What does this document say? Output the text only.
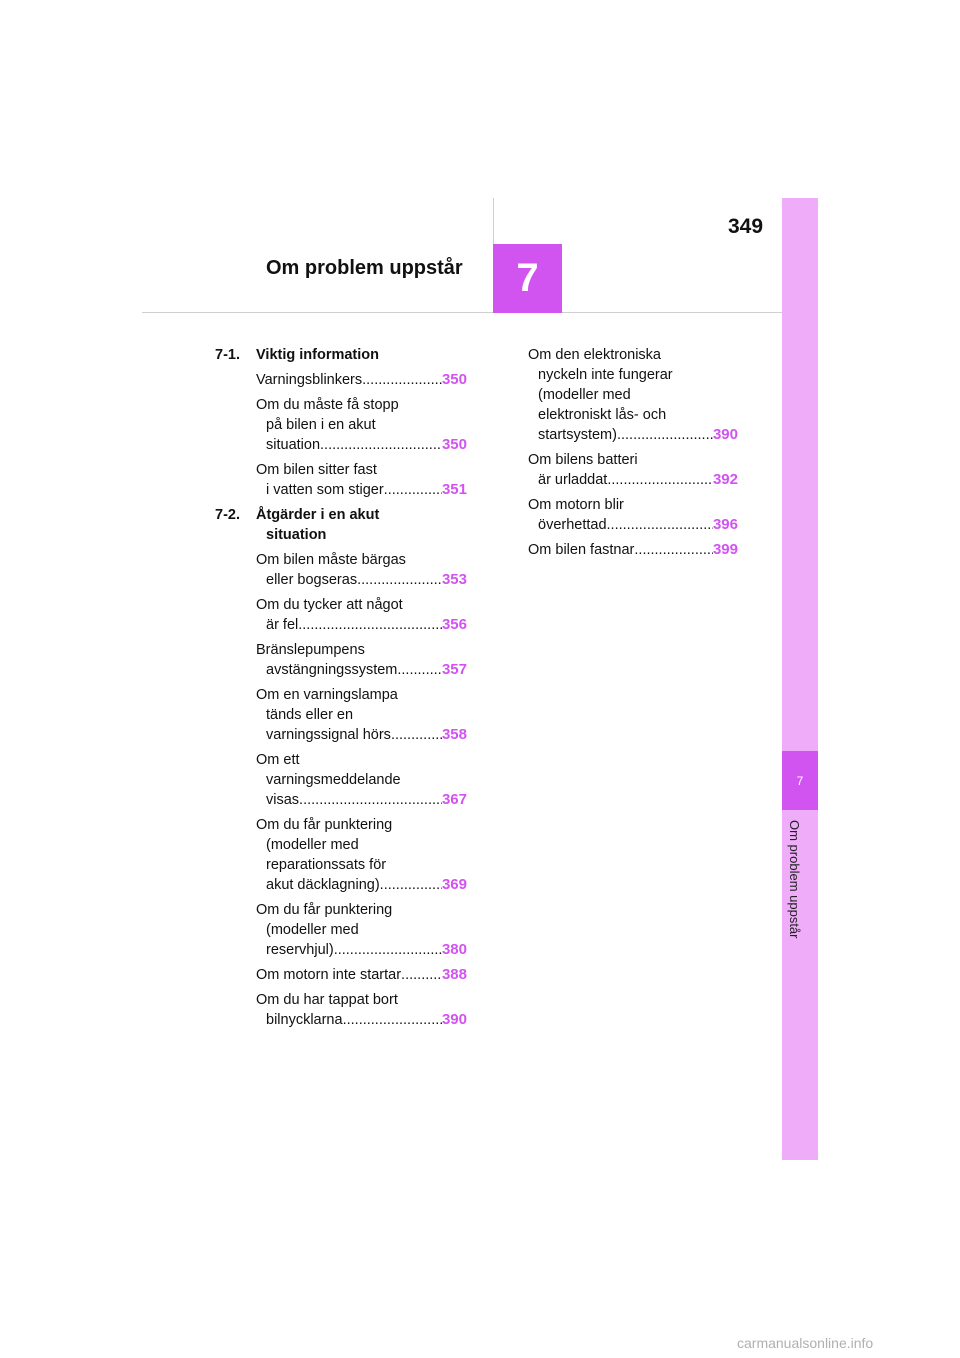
349
Om problem uppstår	7
7
Om problem uppstår
7-1. Viktig information
Varningsblinkers .....	350
Om du måste få stopp
på bilen i en akut
situation .....	350
Om bilen sitter fast
i vatten som stiger .....	351
7-2. Åtgärder i en akut
situation
Om bilen måste bärgas
eller bogseras .....	353
Om du tycker att något
är fel .....	356
Bränslepumpens
avstängningssystem .....	357
Om en varningslampa
tänds eller en
varningssignal hörs .....	358
Om ett
varningsmeddelande
visas .....	367
Om du får punktering
(modeller med
reparationssats för
akut däcklagning) .....	369
Om du får punktering
(modeller med
reservhjul) .....	380
Om motorn inte startar .....	388
Om du har tappat bort
bilnycklarna .....	390
Om den elektroniska
nyckeln inte fungerar
(modeller med
elektroniskt lås- och
startsystem) .....	390
Om bilens batteri
är urladdat .....	392
Om motorn blir
överhettad .....	396
Om bilen fastnar .....	399
carmanualsonline.info
